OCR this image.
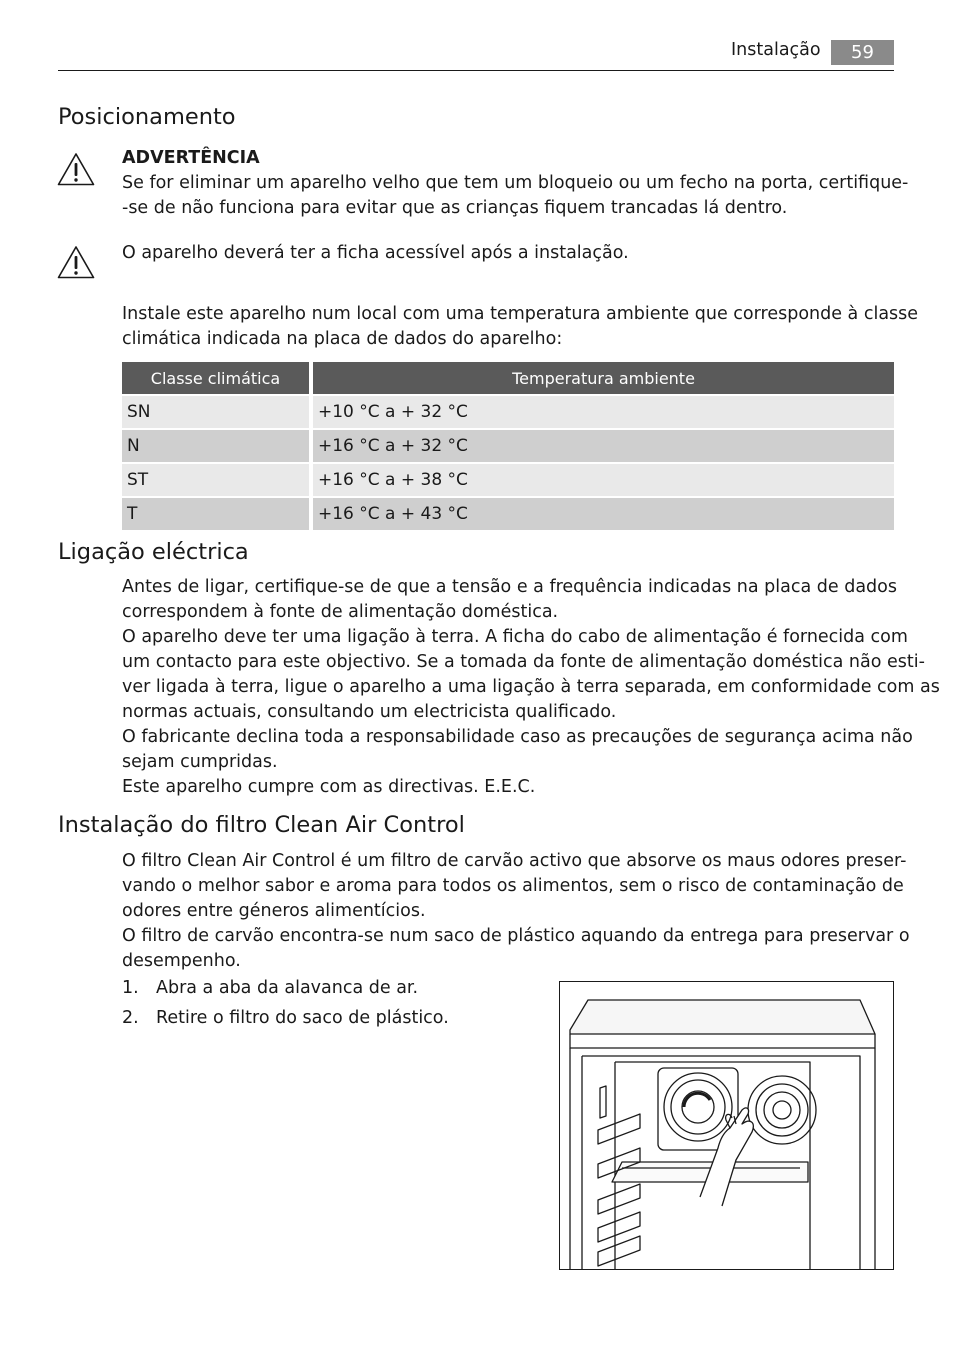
Instalação	59
Posicionamento
ADVERTÊNCIA
Se for eliminar um aparelho velho que tem um bloqueio ou um fecho na porta, certifique-
-se de não funciona para evitar que as crianças fiquem trancadas lá dentro.
O aparelho deverá ter a ficha acessível após a instalação.
Instale este aparelho num local com uma temperatura ambiente que corresponde à classe
climática indicada na placa de dados do aparelho:
Classe climática	Temperatura ambiente
SN	+10 °C a + 32 °C
N	+16 °C a + 32 °C
ST	+16 °C a + 38 °C
T	+16 °C a + 43 °C
Ligação eléctrica
Antes de ligar, certifique-se de que a tensão e a frequência indicadas na placa de dados
correspondem à fonte de alimentação doméstica.
O aparelho deve ter uma ligação à terra. A ficha do cabo de alimentação é fornecida com
um contacto para este objectivo. Se a tomada da fonte de alimentação doméstica não esti-
ver ligada à terra, ligue o aparelho a uma ligação à terra separada, em conformidade com as
normas actuais, consultando um electricista qualificado.
O fabricante declina toda a responsabilidade caso as precauções de segurança acima não
sejam cumpridas.
Este aparelho cumpre com as directivas. E.E.C.
Instalação do filtro Clean Air Control
O filtro Clean Air Control é um filtro de carvão activo que absorve os maus odores preser-
vando o melhor sabor e aroma para todos os alimentos, sem o risco de contaminação de
odores entre géneros alimentícios.
O filtro de carvão encontra-se num saco de plástico aquando da entrega para preservar o
desempenho.
1. Abra a aba da alavanca de ar.
2. Retire o filtro do saco de plástico.
